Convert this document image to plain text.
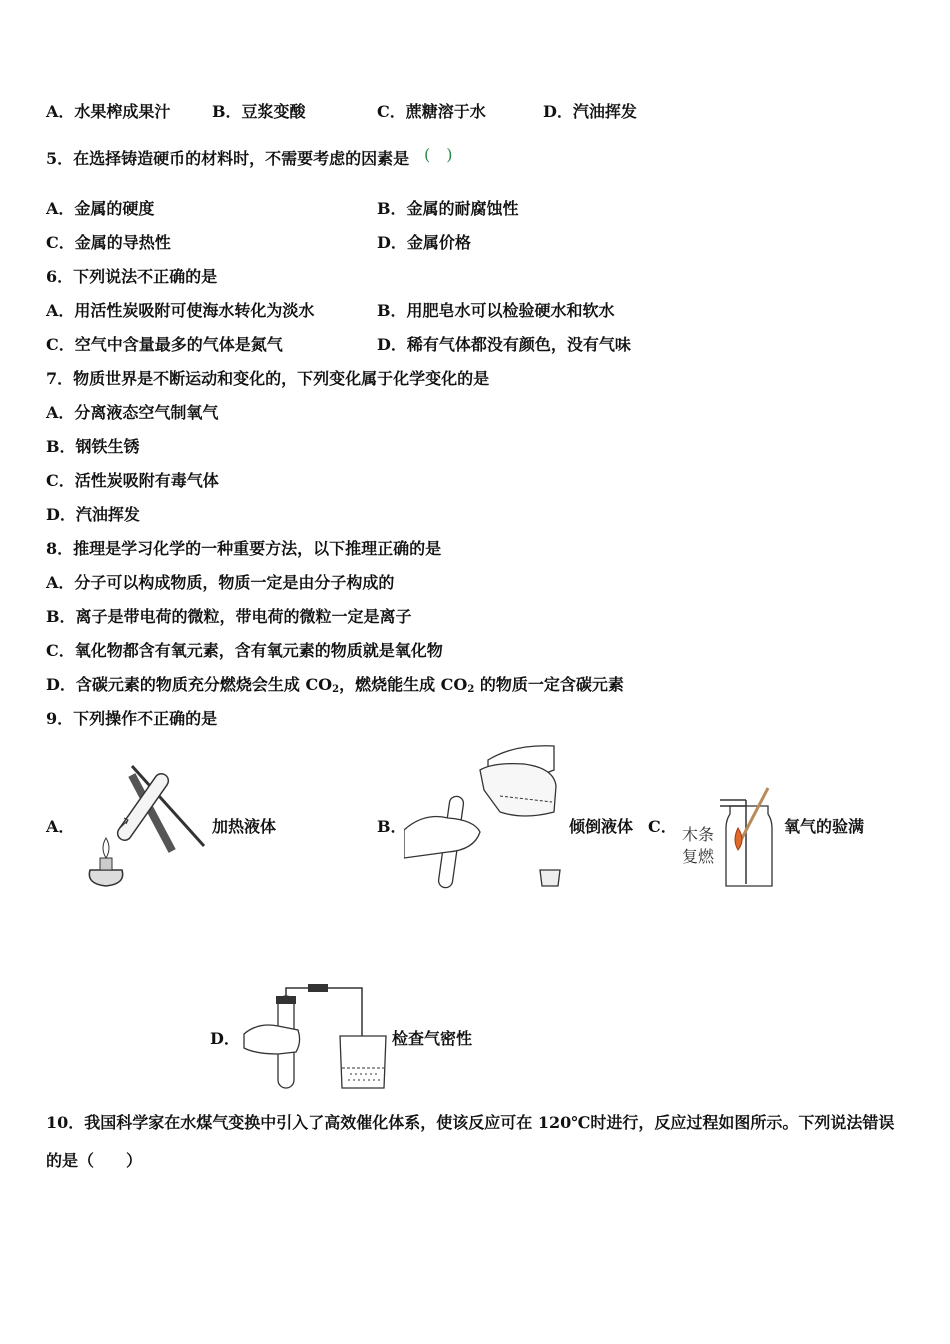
A．水果榨成果汁	B．豆浆变酸	C．蔗糖溶于水	D．汽油挥发
5．在选择铸造硬币的材料时，不需要考虑的因素是 (　)
A．金属的硬度	B．金属的耐腐蚀性
C．金属的导热性	D．金属价格
6．下列说法不正确的是
A．用活性炭吸附可使海水转化为淡水	B．用肥皂水可以检验硬水和软水
C．空气中含量最多的气体是氮气	D．稀有气体都没有颜色，没有气味
7．物质世界是不断运动和变化的，下列变化属于化学变化的是
A．分离液态空气制氧气
B．钢铁生锈
C．活性炭吸附有毒气体
D．汽油挥发
8．推理是学习化学的一种重要方法，以下推理正确的是
A．分子可以构成物质，物质一定是由分子构成的
B．离子是带电荷的微粒，带电荷的微粒一定是离子
C．氧化物都含有氧元素，含有氧元素的物质就是氧化物
D．含碳元素的物质充分燃烧会生成 $CO_2$，燃烧能生成 $CO_2$ 的物质一定含碳元素
9．下列操作不正确的是
A．	加热液体	B．	倾倒液体 C． 木条
复燃
氧气的验满
D．	检查气密性
10．我国科学家在水煤气变换中引入了高效催化体系，使该反应可在 120℃时进行，反应过程如图所示。下列说法错误
的是（　　）
